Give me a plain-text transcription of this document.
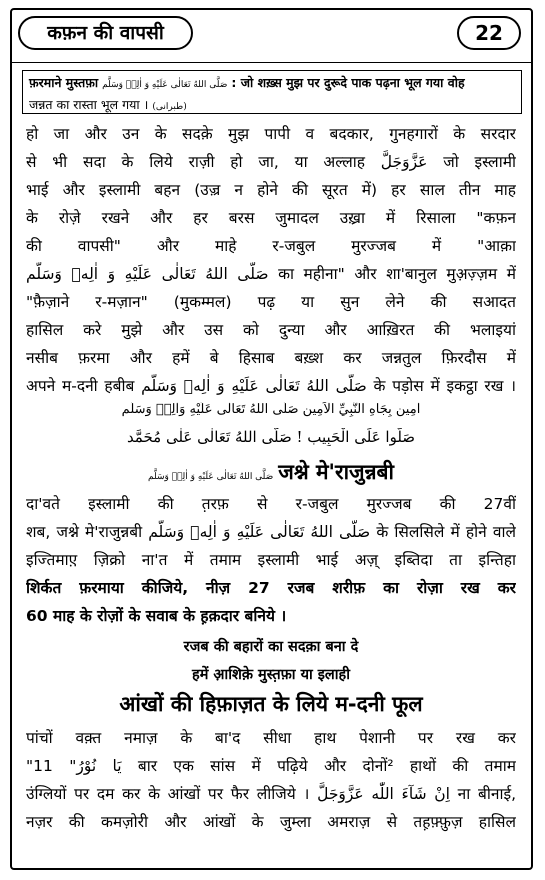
कफ़न की वापसी	22
फ़रमाने मुस्तफ़ा صَلَّى اللهُ تَعَالٰى عَلَيْهِ وَ اٰلِهٖ وَسَلَّم : जो शख़्स मुझ पर दुरूदे पाक पढ़ना भूल गया वोह
जन्नत का रास्ता भूल गया । (طبرانی)
हो जा और उन के सदक़े मुझ पापी व बदकार, गुनहगारों के सरदार
से भी सदा के लिये राज़ी हो जा, या अल्लाह عَزَّوَجَلَّ जो इस्लामी
भाई और इस्लामी बहन (उज़्र न होने की सूरत में) हर साल तीन माह
के रोज़े रखने और हर बरस जुमादल उख़्रा में रिसाला "कफ़न
की वापसी" और माहे र-जबुल मुरज्जब में "आक़ा
صَلَّى اللهُ تَعَالٰى عَلَيْهِ وَ اٰلِهٖ وَسَلَّم का महीना" और शा'बानुल मुअ़ज़्ज़म में
"फ़ैज़ाने र-मज़ान" (मुकम्मल) पढ़ या सुन लेने की सआदत
हासिल करे मुझे और उस को दुन्या और आख़िरत की भलाइयां
नसीब फ़रमा और हमें बे हिसाब बख़्श कर जन्नतुल फ़िरदौस में
अपने म-दनी हबीब صَلَّى اللهُ تَعَالٰى عَلَيْهِ وَ اٰلِهٖ وَسَلَّم के पड़ोस में इकट्ठा रख ।
اٰمِين بِجَاهِ النَّبِيِّ الْاَمِين صَلَّى اللهُ تَعَالٰى عَلَيْهِ وَاٰلِهٖ وَسَلَّم
صَلُّوا عَلَى الْحَبِيب ! صَلَّى اللهُ تَعَالٰى عَلٰى مُحَمَّد
صَلَّى اللهُ تَعَالٰى عَلَيْهِ وَ اٰلِهٖ وَسَلَّم जश्ने मे'राजुन्नबी
दा'वते इस्लामी की त़रफ़ से र-जबुल मुरज्जब की 27वीं
शब, जश्ने मे'राजुन्नबी صَلَّى اللهُ تَعَالٰى عَلَيْهِ وَ اٰلِهٖ وَسَلَّم के सिलसिले में होने वाले
इज्तिमाए़ ज़िक्रो ना'त में तमाम इस्लामी भाई अज़् इब्तिदा ता इन्तिहा
शिर्कत फ़रमाया कीजिये, नीज़ 27 रजब शरीफ़ का रोज़ा रख कर
60 माह के रोज़ों के सवाब के ह़क़दार बनिये ।
रजब की बहारों का सदक़ा बना दे
हमें आ़शिक़े मुस्त़फ़ा या इलाही
आंखों की हिफ़ाज़त के लिये म-दनी फूल
पांचों वक़्त नमाज़ के बा'द सीधा हाथ पेशानी पर रख कर
"يَا نُوْرُ" 11 बार एक सांस में पढ़िये और दोनों² हाथों की तमाम
उंग्लियों पर दम कर के आंखों पर फैर लीजिये । اِنْ شَآءَ اللّٰه عَزَّوَجَلَّ ना बीनाई,
नज़र की कमज़ोरी और आंखों के जुम्ला अमराज़ से तह़फ़्फ़ुज़ हासिल
